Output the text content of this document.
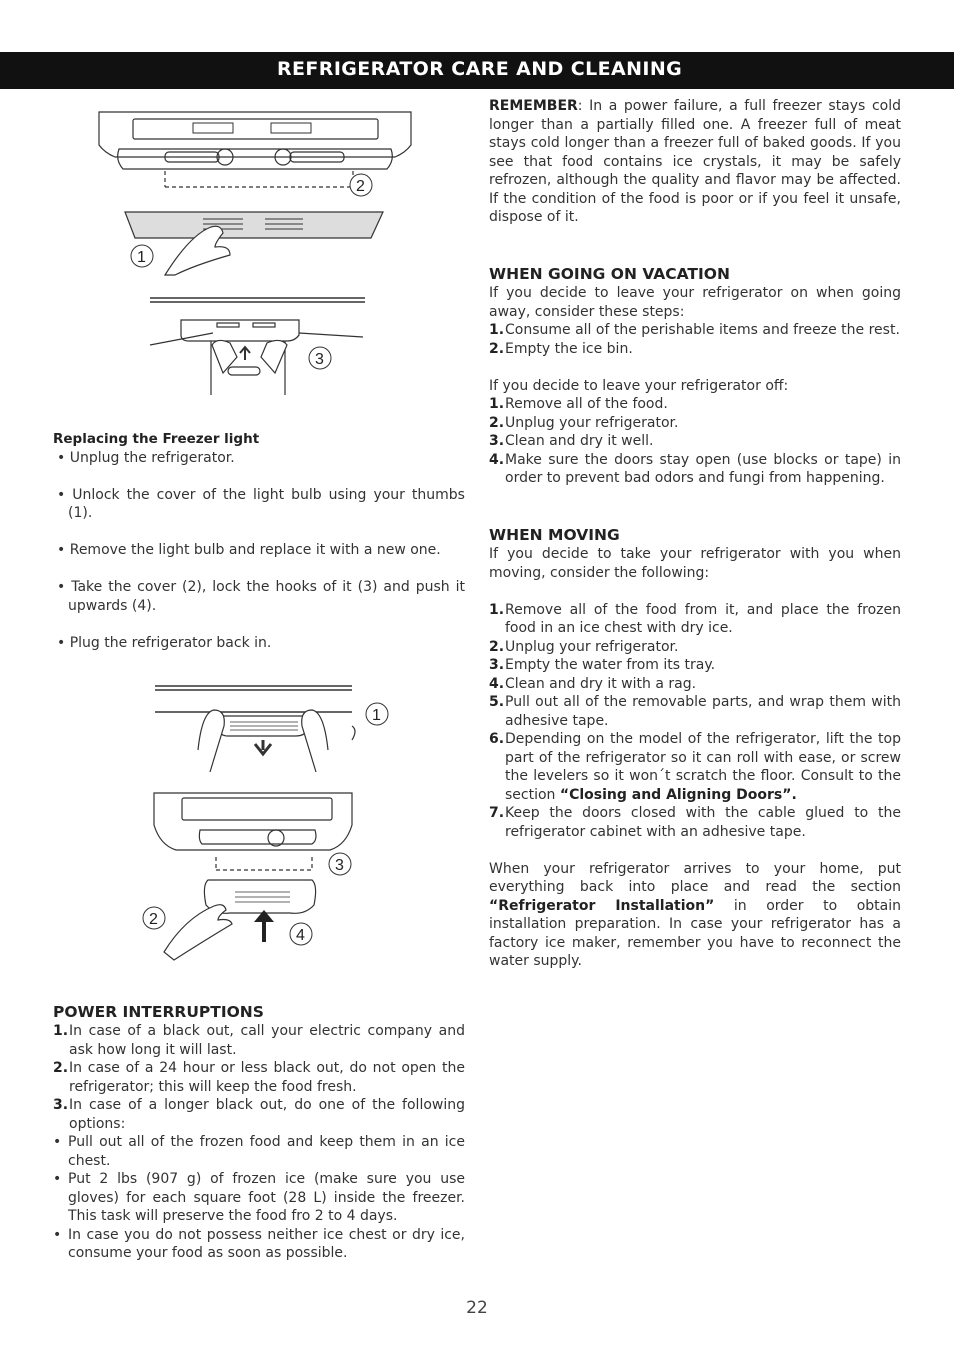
REFRIGERATOR CARE AND CLEANING
2
1
3
1
2
3
4

Replacing the Freezer light

• Unplug the refrigerator.

• Unlock the cover of the light bulb using your thumbs (1).

• Remove the light bulb and replace it with a new one.

• Take the cover (2), lock the hooks of it (3) and push it upwards (4).

• Plug the refrigerator back in.

POWER INTERRUPTIONS

1. In case of a black out, call your electric company and ask how long it will last.
2. In case of a 24 hour or less black out, do not open the refrigerator; this will keep the food fresh.
3. In case of a longer black out, do one of the following options:
• Pull out all of the frozen food and keep them in an ice chest.
• Put 2 lbs (907 g) of frozen ice (make sure you use gloves) for each square foot (28 L) inside the freezer. This task will preserve the food fro 2 to 4 days.
• In case you do not possess neither ice chest or dry ice, consume your food as soon as possible.

REMEMBER: In a power failure, a full freezer stays cold longer than a partially filled one. A freezer full of meat stays cold longer than a freezer full of baked goods. If you see that food contains ice crystals, it may be safely refrozen, although the quality and flavor may be affected. If the condition of the food is poor or if you feel it unsafe, dispose of it.

WHEN GOING ON VACATION

If you decide to leave your refrigerator on when going away, consider these steps:

1. Consume all of the perishable items and freeze the rest.
2. Empty the ice bin.

If you decide to leave your refrigerator off:

1. Remove all of the food.
2. Unplug your refrigerator.
3. Clean and dry it well.
4. Make sure the doors stay open (use blocks or tape) in order to prevent bad odors and fungi from happening.

WHEN MOVING

If you decide to take your refrigerator with you when moving, consider the following:

1. Remove all of the food from it, and place the frozen food in an ice chest with dry ice.
2. Unplug your refrigerator.
3. Empty the water from its tray.
4. Clean and dry it with a rag.
5. Pull out all of the removable parts, and wrap them with adhesive tape.
6. Depending on the model of the refrigerator, lift the top part of the refrigerator so it can roll with ease, or screw the levelers so it won´t scratch the floor. Consult to the section “Closing and Aligning Doors”.
7. Keep the doors closed with the cable glued to the refrigerator cabinet with an adhesive tape.

When your refrigerator arrives to your home, put everything back into place and read the section “Refrigerator Installation” in order to obtain installation preparation. In case your refrigerator has a factory ice maker, remember you have to reconnect the water supply.

22
